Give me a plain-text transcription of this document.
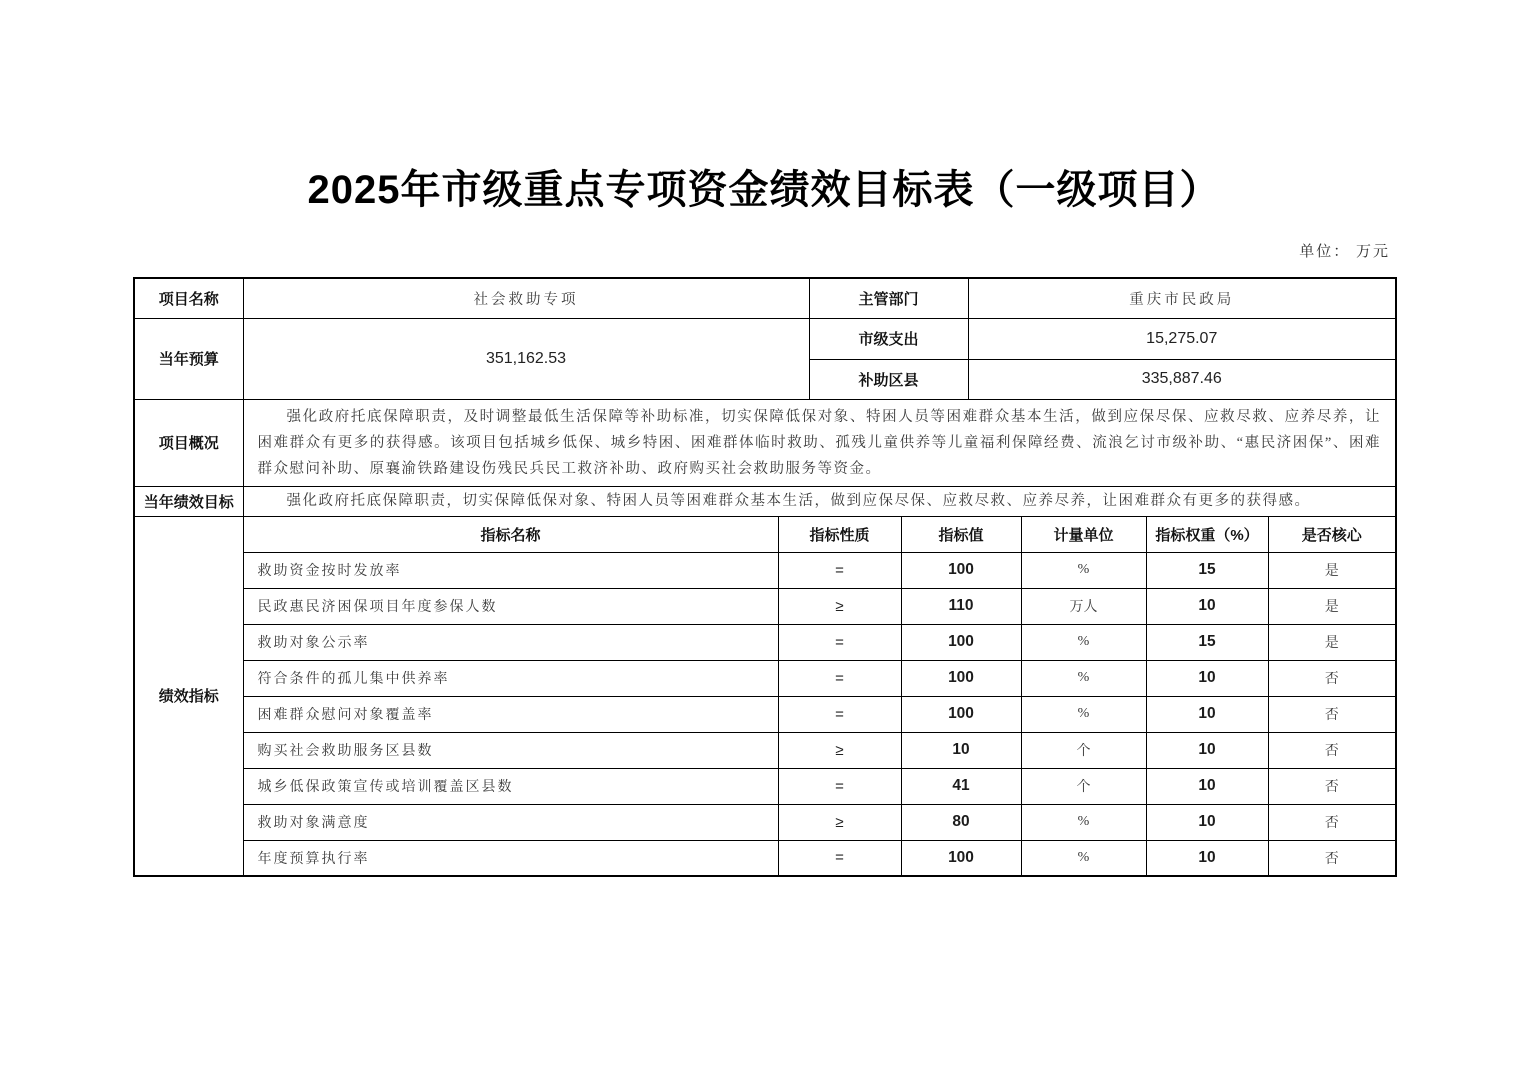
2025年市级重点专项资金绩效目标表（一级项目）
单位： 万元
项目名称	社会救助专项		主管部门		重庆市民政局			
当年预算	351,162.53		市级支出		15,275.07			
			补助区县		335,887.46			
项目概况	强化政府托底保障职责，及时调整最低生活保障等补助标准，切实保障低保对象、特困人员等困难群众基本生活，做到应保尽保、应救尽救、应养尽养，让困难群众有更多的获得感。该项目包括城乡低保、城乡特困、困难群体临时救助、孤残儿童供养等儿童福利保障经费、流浪乞讨市级补助、“惠民济困保”、困难群众慰问补助、原襄渝铁路建设伤残民兵民工救济补助、政府购买社会救助服务等资金。							
当年绩效目标	强化政府托底保障职责，切实保障低保对象、特困人员等困难群众基本生活，做到应保尽保、应救尽救、应养尽养，让困难群众有更多的获得感。							
绩效指标	指标名称	指标性质		指标值		计量单位	指标权重（%）	是否核心
	救助资金按时发放率	=		100		%	15	是
	民政惠民济困保项目年度参保人数	≥		110		万人	10	是
	救助对象公示率	=		100		%	15	是
	符合条件的孤儿集中供养率	=		100		%	10	否
	困难群众慰问对象覆盖率	=		100		%	10	否
	购买社会救助服务区县数	≥		10		个	10	否
	城乡低保政策宣传或培训覆盖区县数	=		41		个	10	否
	救助对象满意度	≥		80		%	10	否
	年度预算执行率	=		100		%	10	否
